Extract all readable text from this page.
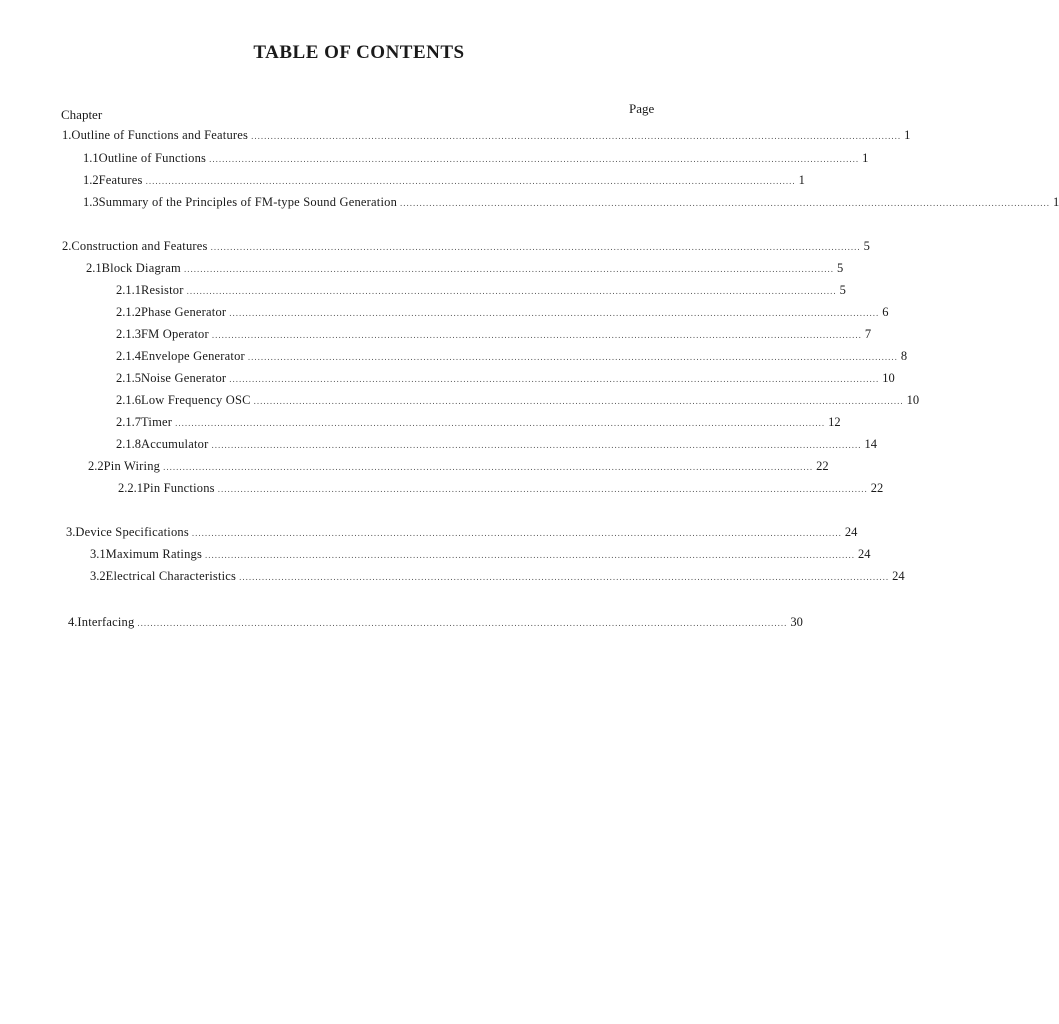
TABLE OF CONTENTS
Chapter	Page
1. Outline of Functions and Features ........................................................................................................................................................................................................ 1
1.1 Outline of Functions ........................................................................................................................................................................................................ 1
1.2 Features ........................................................................................................................................................................................................ 1
1.3 Summary of the Principles of FM-type Sound Generation ........................................................................................................................................................................................................ 1
2. Construction and Features ........................................................................................................................................................................................................ 5
2.1 Block Diagram ........................................................................................................................................................................................................ 5
2.1.1 Resistor ........................................................................................................................................................................................................ 5
2.1.2 Phase Generator ........................................................................................................................................................................................................ 6
2.1.3 FM Operator ........................................................................................................................................................................................................ 7
2.1.4 Envelope Generator ........................................................................................................................................................................................................ 8
2.1.5 Noise Generator ........................................................................................................................................................................................................ 10
2.1.6 Low Frequency OSC ........................................................................................................................................................................................................ 10
2.1.7 Timer ........................................................................................................................................................................................................ 12
2.1.8 Accumulator ........................................................................................................................................................................................................ 14
2.2 Pin Wiring ........................................................................................................................................................................................................ 22
2.2.1 Pin Functions ........................................................................................................................................................................................................ 22
3. Device Specifications ........................................................................................................................................................................................................ 24
3.1 Maximum Ratings ........................................................................................................................................................................................................ 24
3.2 Electrical Characteristics ........................................................................................................................................................................................................ 24
4. Interfacing ........................................................................................................................................................................................................ 30
